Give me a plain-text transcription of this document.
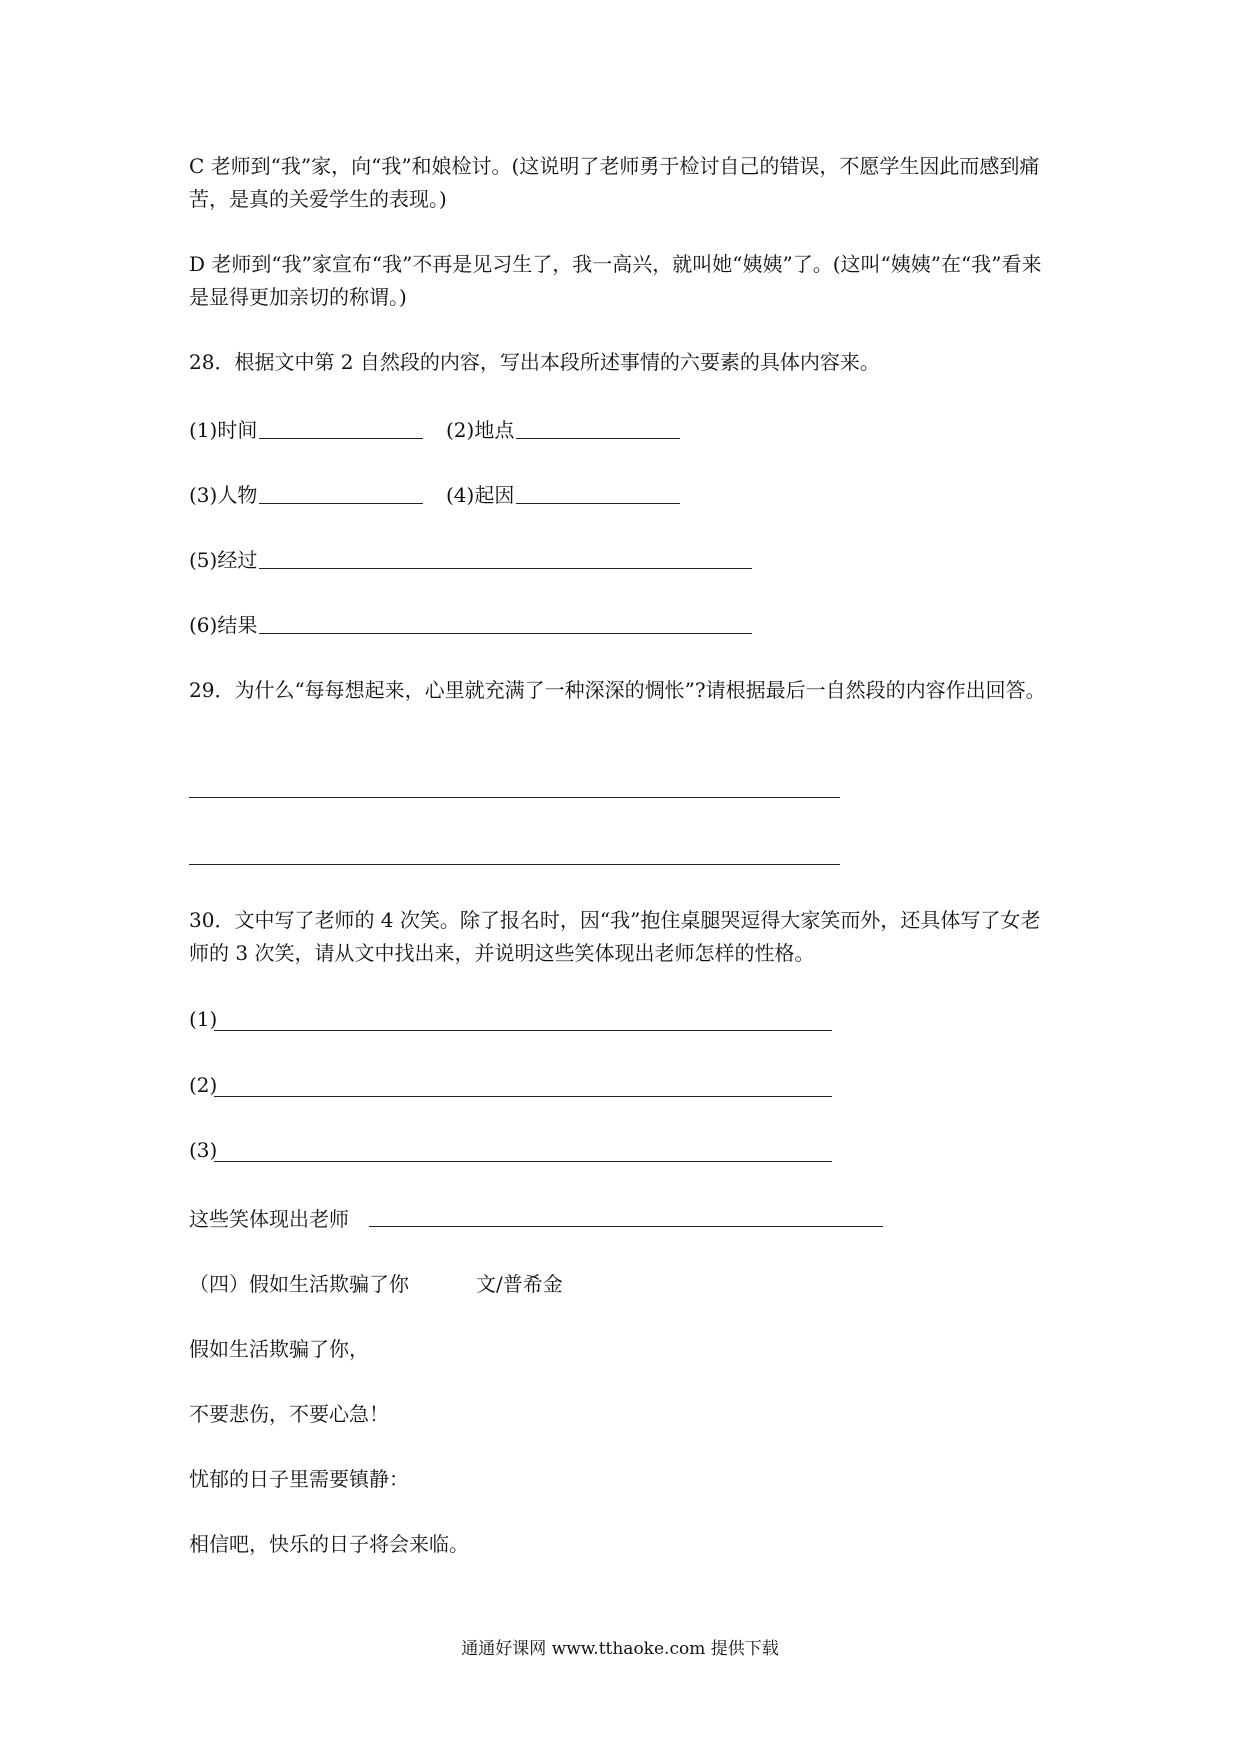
C 老师到“我”家，向“我”和娘检讨。(这说明了老师勇于检讨自己的错误，不愿学生因此而感到痛苦，是真的关爱学生的表现。)

D 老师到“我”家宣布“我”不再是见习生了，我一高兴，就叫她“姨姨”了。(这叫“姨姨”在“我”看来是显得更加亲切的称谓。)

28．根据文中第 2 自然段的内容，写出本段所述事情的六要素的具体内容来。

(1)时间	(2)地点
(3)人物	(4)起因
(5)经过
(6)结果

29．为什么“每每想起来，心里就充满了一种深深的惆怅”?请根据最后一自然段的内容作出回答。

30．文中写了老师的 4 次笑。除了报名时，因“我”抱住桌腿哭逗得大家笑而外，还具体写了女老师的 3 次笑，请从文中找出来，并说明这些笑体现出老师怎样的性格。

(1)
(2)
(3)
这些笑体现出老师
（四）假如生活欺骗了你	文/普希金
假如生活欺骗了你，
不要悲伤，不要心急！
忧郁的日子里需要镇静：
相信吧，快乐的日子将会来临。
通通好课网 www.tthaoke.com 提供下载
